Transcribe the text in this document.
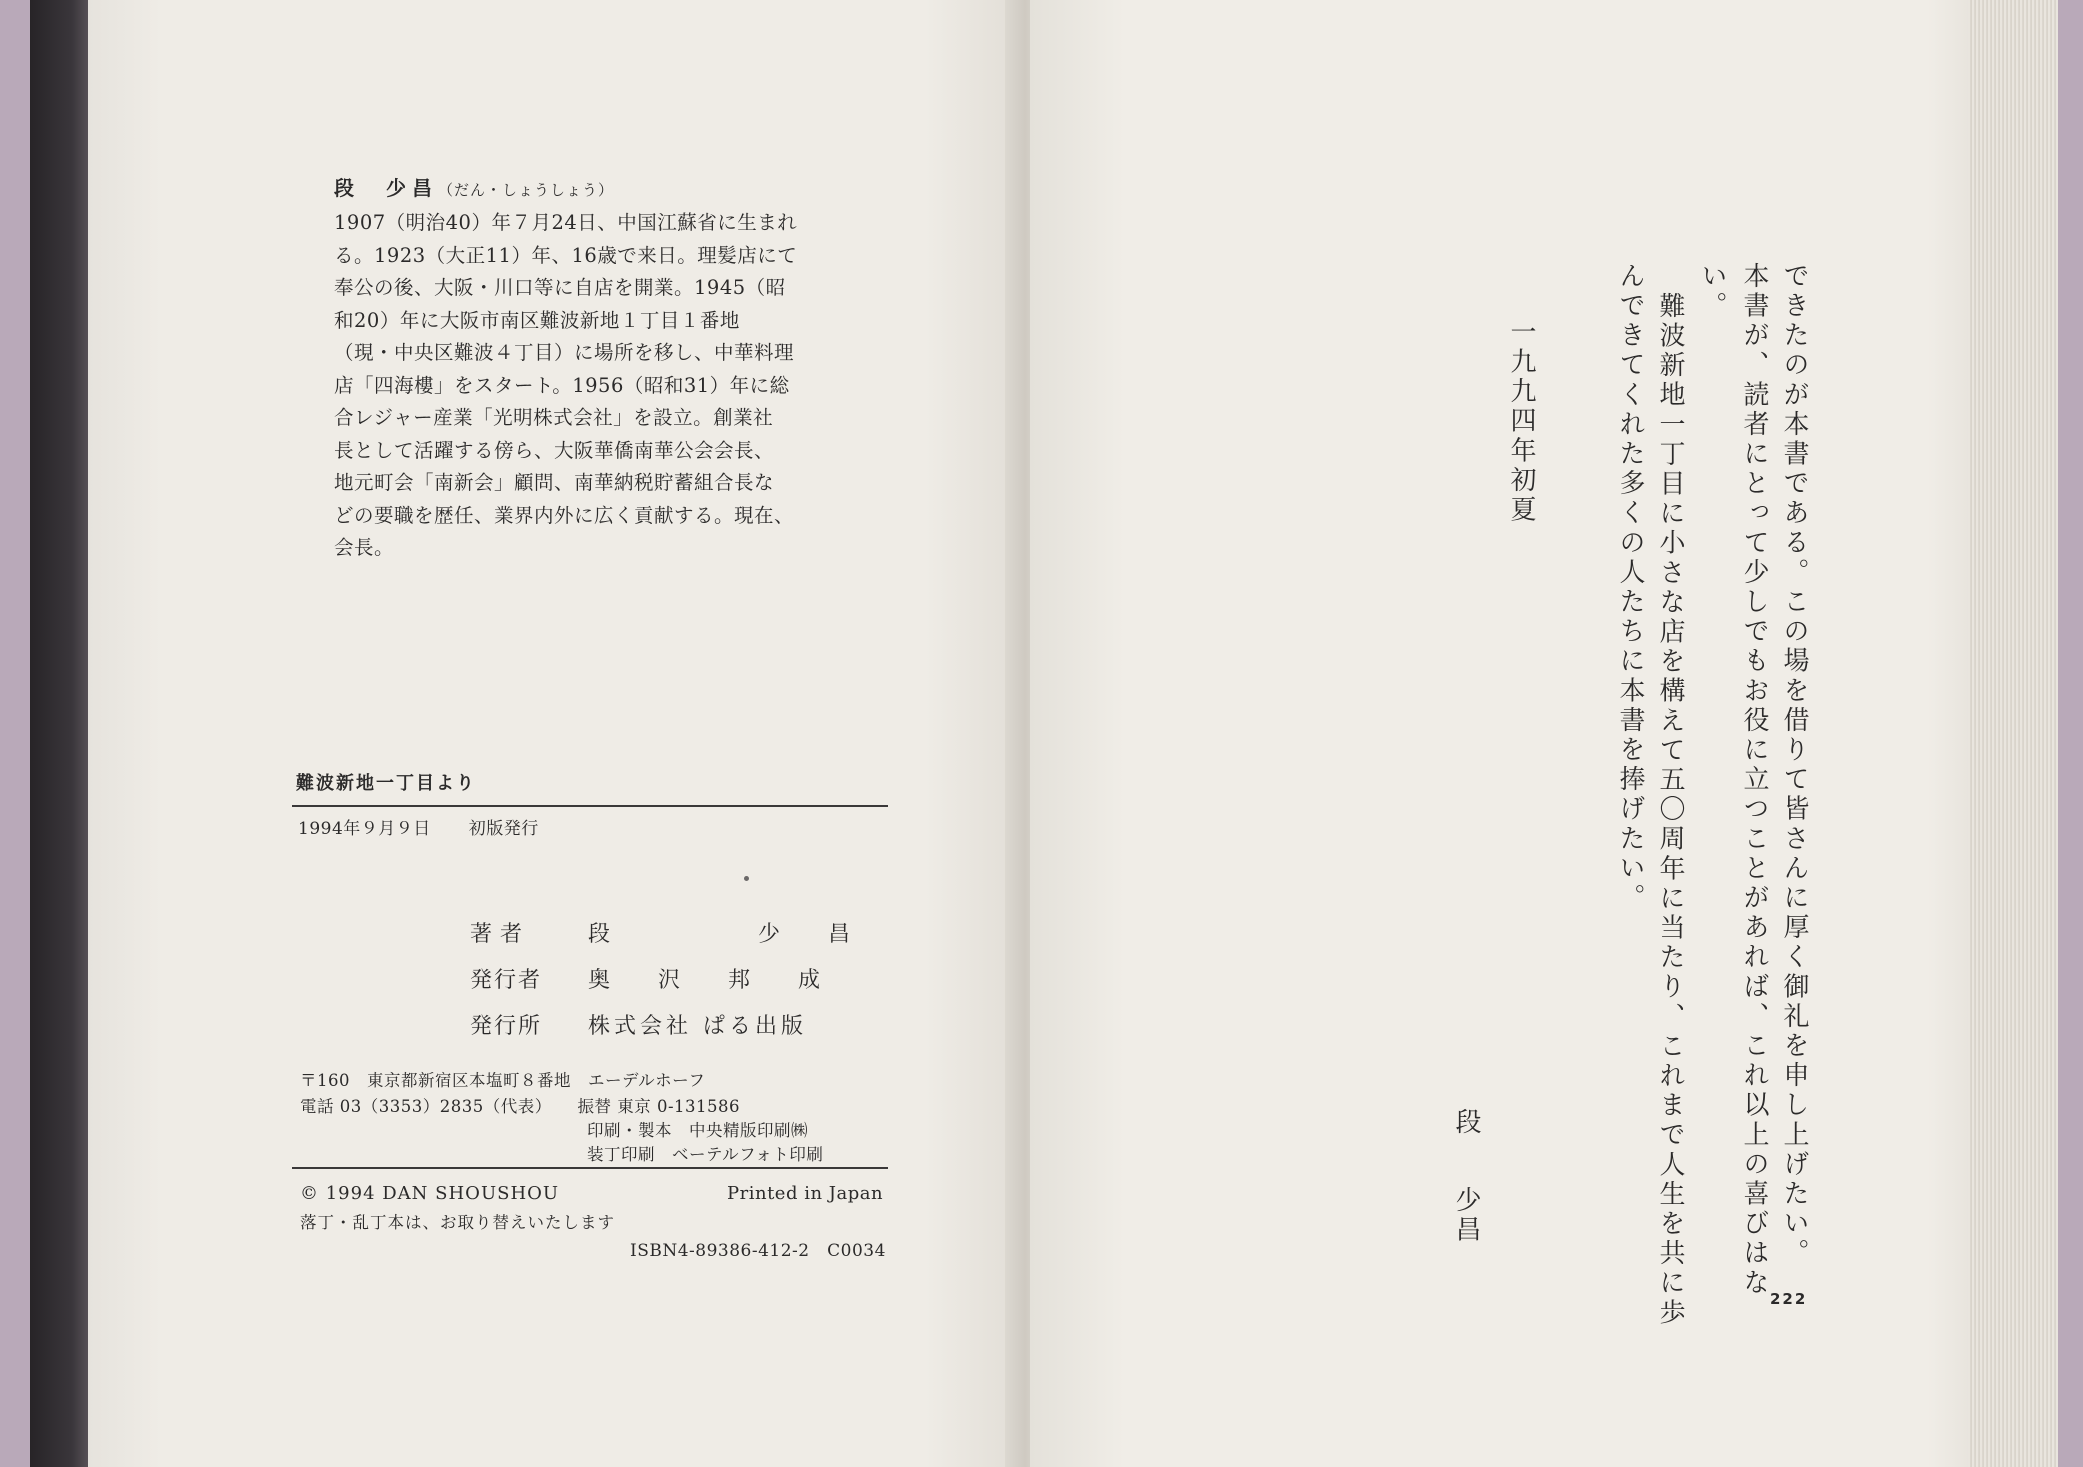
段　少昌（だん・しょうしょう）
1907（明治40）年７月24日、中国江蘇省に生まれ
る。1923（大正11）年、16歳で来日。理髪店にて
奉公の後、大阪・川口等に自店を開業。1945（昭
和20）年に大阪市南区難波新地１丁目１番地
（現・中央区難波４丁目）に場所を移し、中華料理
店「四海樓」をスタート。1956（昭和31）年に総
合レジャー産業「光明株式会社」を設立。創業社
長として活躍する傍ら、大阪華僑南華公会会長、
地元町会「南新会」顧問、南華納税貯蓄組合長な
どの要職を歴任、業界内外に広く貢献する。現在、
会長。
難波新地一丁目より
1994年９月９日 初版発行
著者	段	少昌
発行者 奥沢邦成
発行所 株式会社 ぱる出版
〒160　東京都新宿区本塩町８番地　エーデルホーフ
電話 03（3353）2835（代表）　　振替 東京 0-131586
印刷・製本　中央精版印刷㈱
装丁印刷　ベーテルフォト印刷
© 1994 DAN SHOUSHOU	Printed in Japan
落丁・乱丁本は、お取り替えいたします
ISBN4-89386-412-2　C0034	できたのが本書である。この場を借りて皆さんに厚く御礼を申し上げたい。
本書が、読者にとって少しでもお役に立つことがあれば、これ以上の喜びはな
い。
難波新地一丁目に小さな店を構えて五〇周年に当たり、これまで人生を共に歩
んできてくれた多くの人たちに本書を捧げたい。
一九九四年初夏
段
少昌
222
